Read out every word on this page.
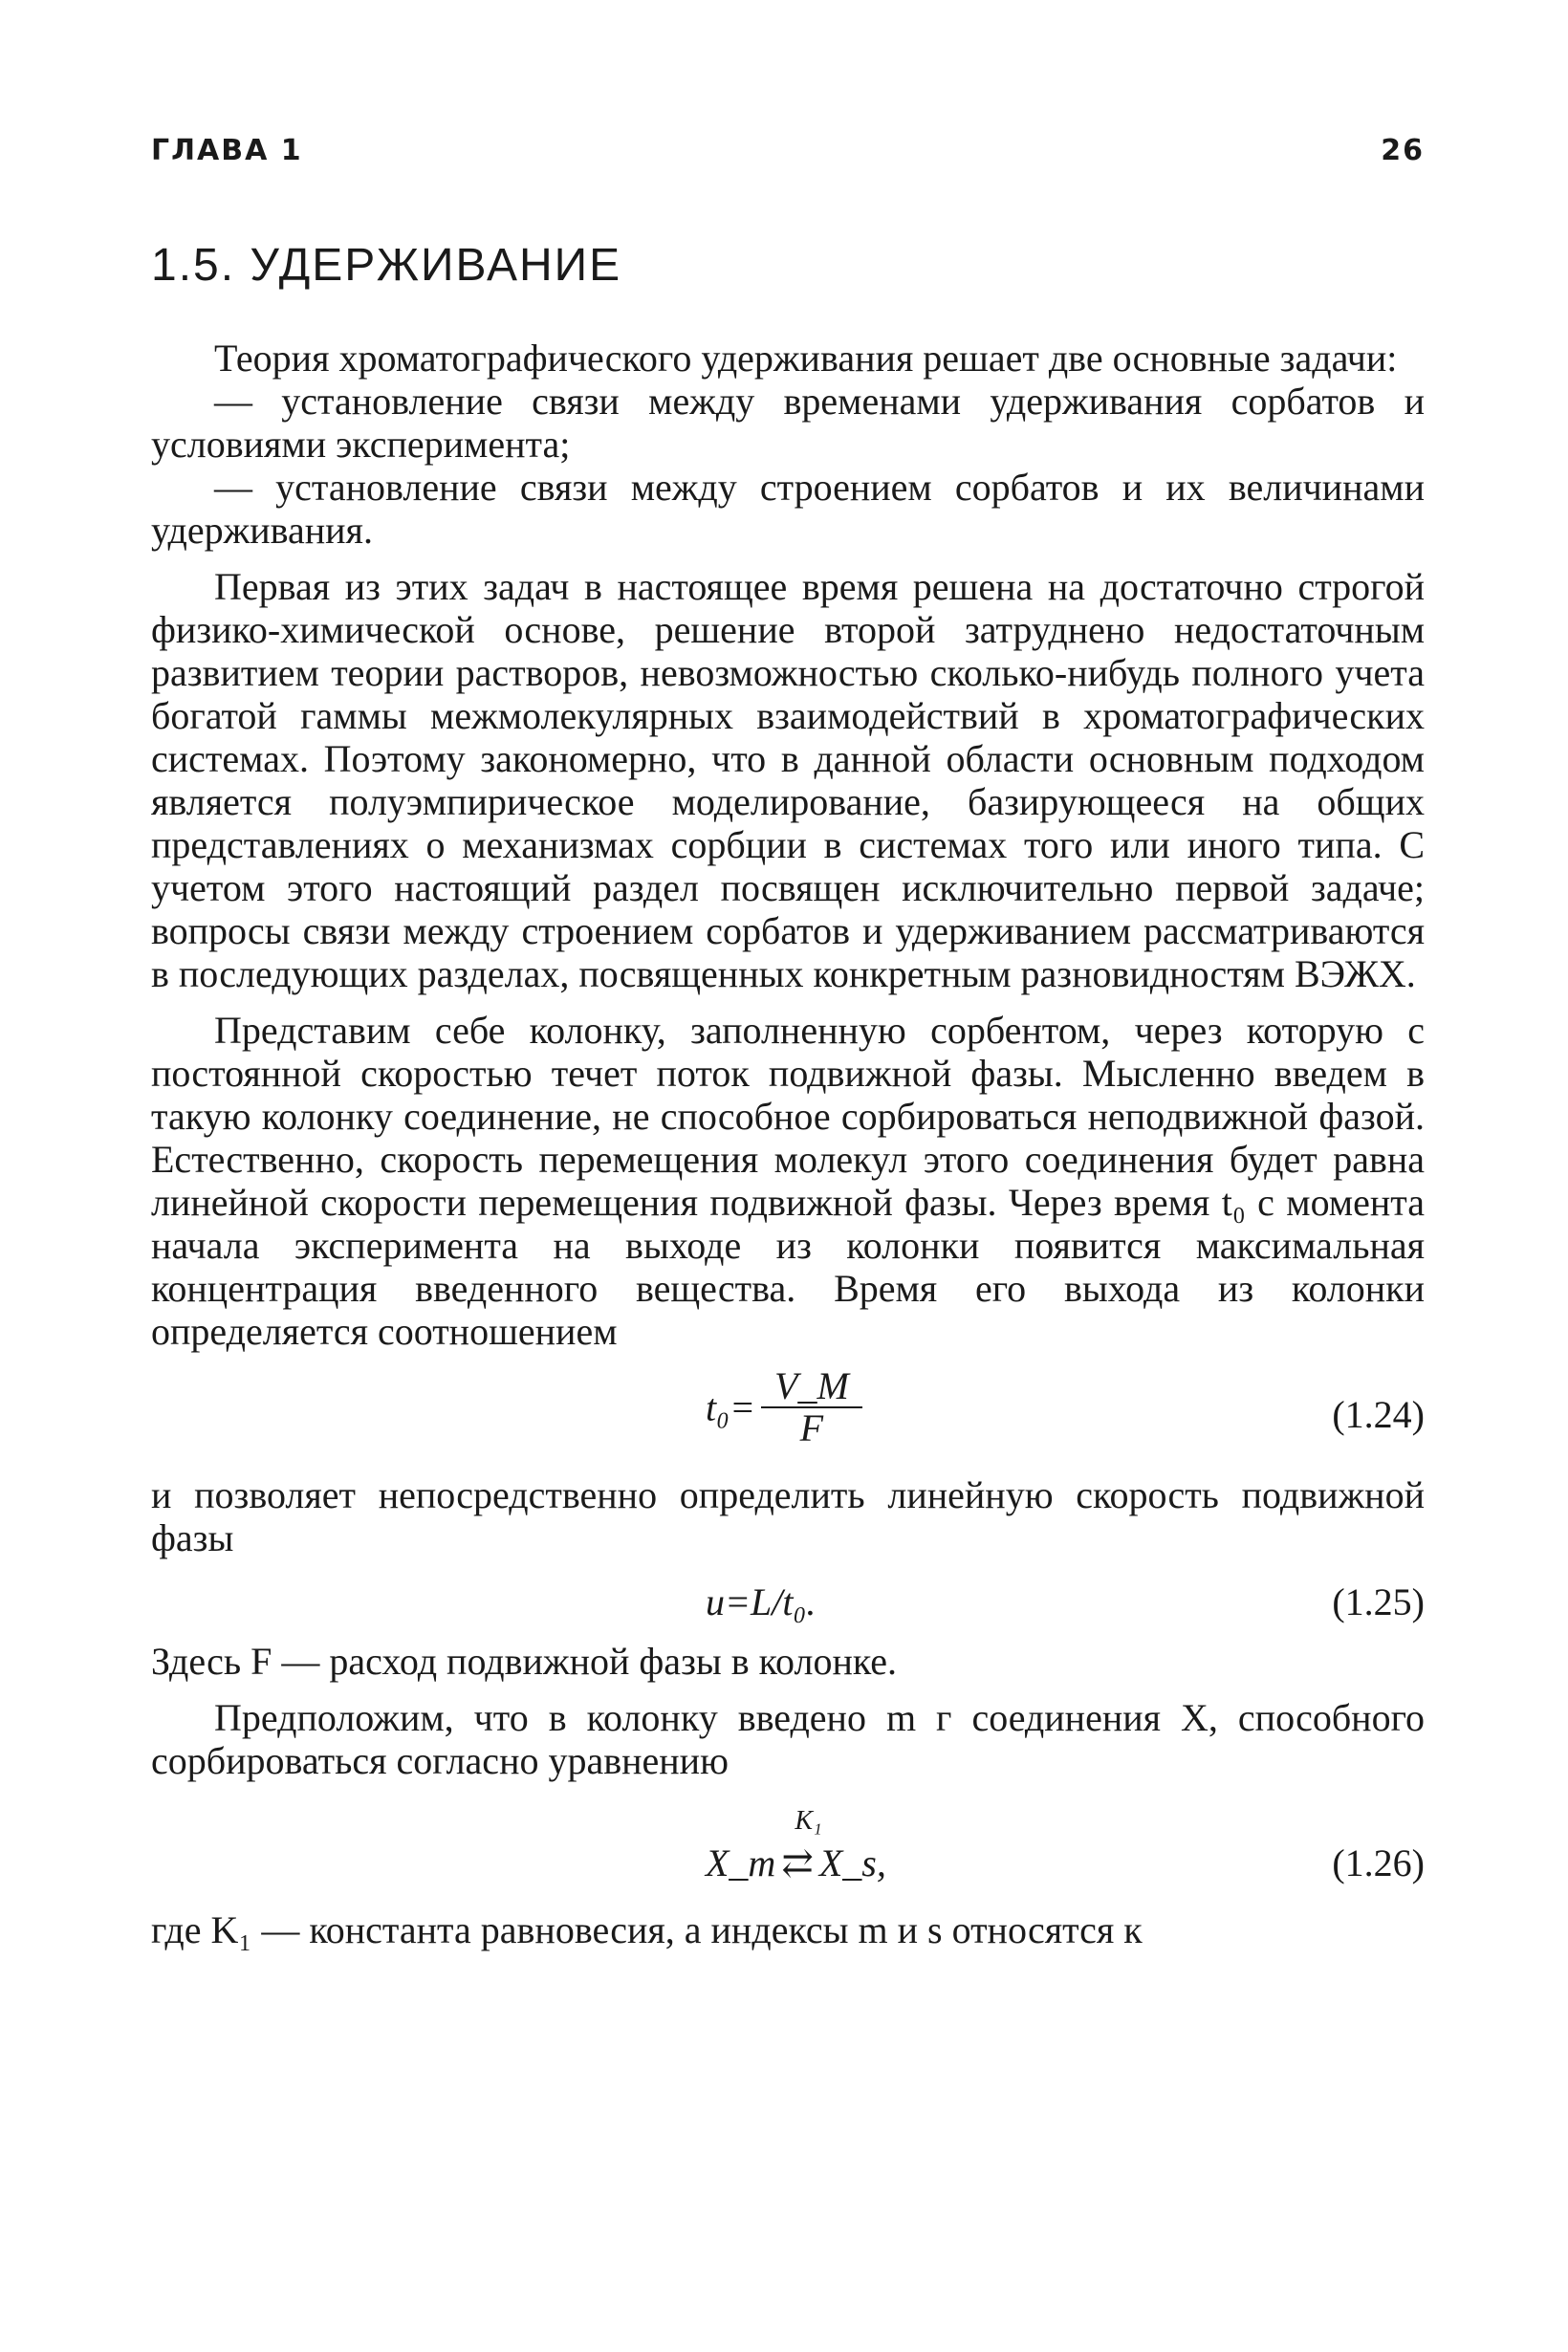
ГЛАВА 1	26
1.5. УДЕРЖИВАНИЕ

Теория хроматографического удерживания решает две основные задачи:

— установление связи между временами удерживания сорбатов и условиями эксперимента;

— установление связи между строением сорбатов и их величинами удерживания.

Первая из этих задач в настоящее время решена на достаточно строгой физико-химической основе, решение второй затруднено недостаточным развитием теории растворов, невозможностью сколько-нибудь полного учета богатой гаммы межмолекулярных взаимодействий в хроматографических системах. Поэтому закономерно, что в данной области основным подходом является полуэмпирическое моделирование, базирующееся на общих представлениях о механизмах сорбции в системах того или иного типа. С учетом этого настоящий раздел посвящен исключительно первой задаче; вопросы связи между строением сорбатов и удерживанием рассматриваются в последующих разделах, посвященных конкретным разновидностям ВЭЖХ.

Представим себе колонку, заполненную сорбентом, через которую с постоянной скоростью течет поток подвижной фазы. Мысленно введем в такую колонку соединение, не способное сорбироваться неподвижной фазой. Естественно, скорость перемещения молекул этого соединения будет равна линейной скорости перемещения подвижной фазы. Через время t₀ с момента начала эксперимента на выходе из колонки появится максимальная концентрация введенного вещества. Время его выхода из колонки определяется соотношением

$t_0= \frac{V\_M}{F}$	(1.24)

и позволяет непосредственно определить линейную скорость подвижной фазы

u=L/t₀.	(1.25)

Здесь F — расход подвижной фазы в колонке.

Предположим, что в колонку введено m г соединения X, способного сорбироваться согласно уравнению

X_m
K₁
⇄ X_s,	(1.26)

где K₁ — константа равновесия, а индексы m и s относятся к
